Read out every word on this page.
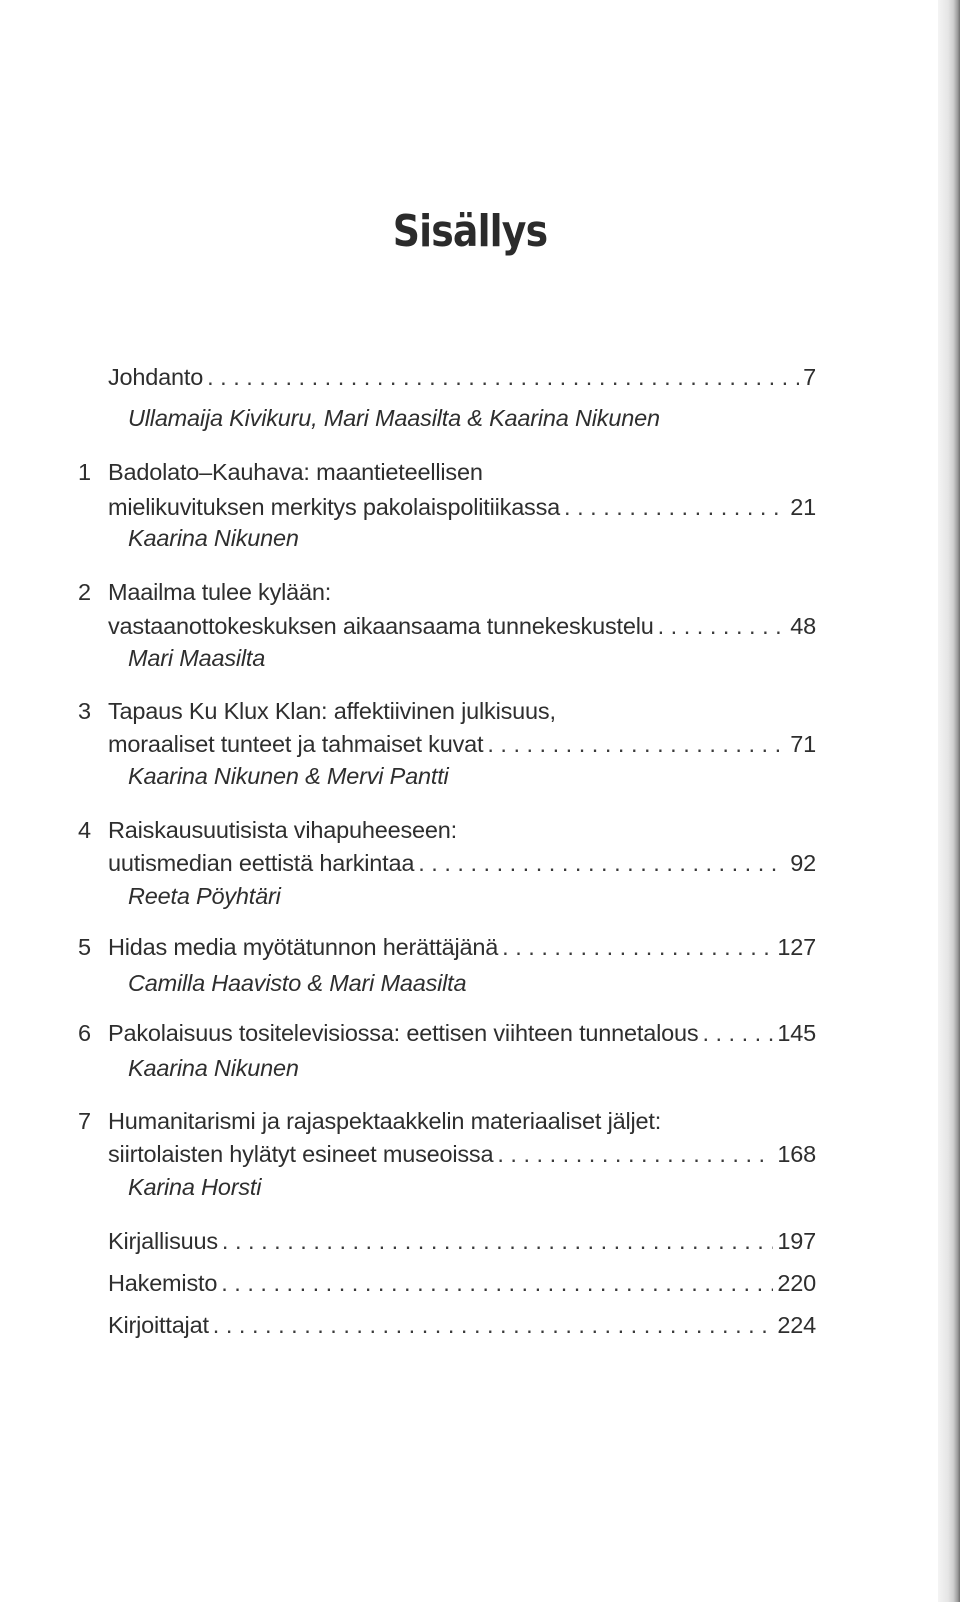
Sisällys
Johdanto . . .	7
Ullamaija Kivikuru, Mari Maasilta & Kaarina Nikunen
1 Badolato–Kauhava: maantieteellisen
mielikuvituksen merkitys pakolaispolitiikassa . . .	21
Kaarina Nikunen
2 Maailma tulee kylään:
vastaanottokeskuksen aikaansaama tunnekeskustelu . . .	48
Mari Maasilta
3 Tapaus Ku Klux Klan: affektiivinen julkisuus,
moraaliset tunteet ja tahmaiset kuvat . . .	71
Kaarina Nikunen & Mervi Pantti
4 Raiskausuutisista vihapuheeseen:
uutismedian eettistä harkintaa . . .	92
Reeta Pöyhtäri
5 Hidas media myötätunnon herättäjänä . . .	127
Camilla Haavisto & Mari Maasilta
6 Pakolaisuus tositelevisiossa: eettisen viihteen tunnetalous . . .	145
Kaarina Nikunen
7 Humanitarismi ja rajaspektaakkelin materiaaliset jäljet:
siirtolaisten hylätyt esineet museoissa . . .	168
Karina Horsti
Kirjallisuus . . .	197
Hakemisto . . .	220
Kirjoittajat . . .	224
